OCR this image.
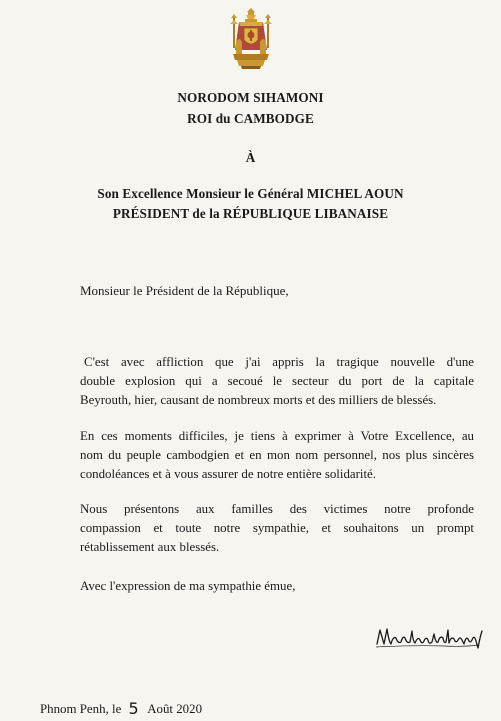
NORODOM SIHAMONI
ROI du CAMBODGE
À
Son Excellence Monsieur le Général MICHEL AOUN
PRÉSIDENT de la RÉPUBLIQUE LIBANAISE
Monsieur le Président de la République,
C'est avec affliction que j'ai appris la tragique nouvelle d'une
double explosion qui a secoué le secteur du port de la capitale
Beyrouth, hier, causant de nombreux morts et des milliers de blessés.
En ces moments difficiles, je tiens à exprimer à Votre Excellence, au
nom du peuple cambodgien et en mon nom personnel, nos plus sincères
condoléances et à vous assurer de notre entière solidarité.
Nous présentons aux familles des victimes notre profonde
compassion et toute notre sympathie, et souhaitons un prompt
rétablissement aux blessés.
Avec l'expression de ma sympathie émue,
Phnom Penh, le 5 Août 2020
